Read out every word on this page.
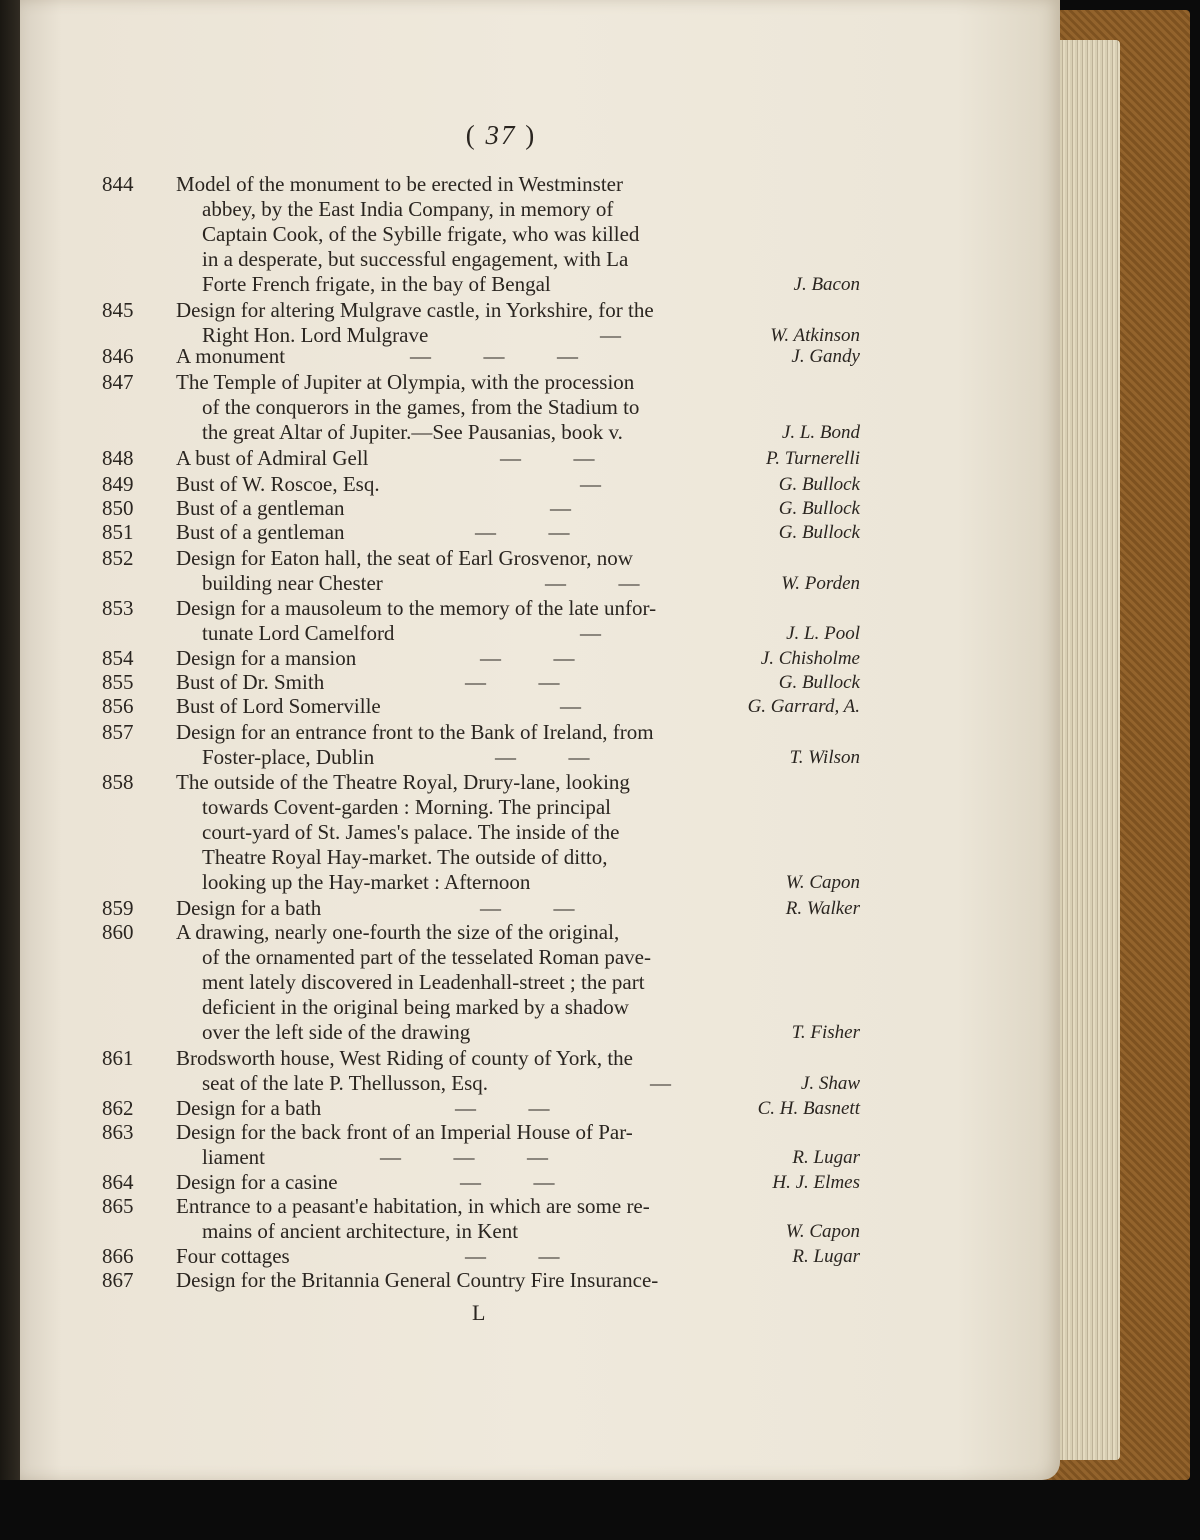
( 37 )
L
844	Model of the monument to be erected in Westminster
abbey, by the East India Company, in memory of
Captain Cook, of the Sybille frigate, who was killed
in a desperate, but successful engagement, with La
Forte French frigate, in the bay of Bengal	J. Bacon
845	Design for altering Mulgrave castle, in Yorkshire, for the
Right Hon. Lord Mulgrave	—	W. Atkinson
846	A monument	—          —          —	J. Gandy
847	The Temple of Jupiter at Olympia, with the procession
of the conquerors in the games, from the Stadium to
the great Altar of Jupiter.—See Pausanias, book v.	J. L. Bond
848	A bust of Admiral Gell	—          —	P. Turnerelli
849	Bust of W. Roscoe, Esq.	—	G. Bullock
850	Bust of a gentleman	—	G. Bullock
851	Bust of a gentleman	—          —	G. Bullock
852	Design for Eaton hall, the seat of Earl Grosvenor, now
building near Chester	—          —	W. Porden
853	Design for a mausoleum to the memory of the late unfor-
tunate Lord Camelford	—	J. L. Pool
854	Design for a mansion	—          —	J. Chisholme
855	Bust of Dr. Smith	—          —	G. Bullock
856	Bust of Lord Somerville	—	G. Garrard, A.
857	Design for an entrance front to the Bank of Ireland, from
Foster-place, Dublin	—          —	T. Wilson
858	The outside of the Theatre Royal, Drury-lane, looking
towards Covent-garden : Morning. The principal
court-yard of St. James's palace. The inside of the
Theatre Royal Hay-market. The outside of ditto,
looking up the Hay-market : Afternoon	W. Capon
859	Design for a bath	—          —	R. Walker
860	A drawing, nearly one-fourth the size of the original,
of the ornamented part of the tesselated Roman pave-
ment lately discovered in Leadenhall-street ; the part
deficient in the original being marked by a shadow
over the left side of the drawing	T. Fisher
861	Brodsworth house, West Riding of county of York, the
seat of the late P. Thellusson, Esq.	—	J. Shaw
862	Design for a bath	—          —	C. H. Basnett
863	Design for the back front of an Imperial House of Par-
liament	—          —          —	R. Lugar
864	Design for a casine	—          —	H. J. Elmes
865	Entrance to a peasant'e habitation, in which are some re-
mains of ancient architecture, in Kent	W. Capon
866	Four cottages	—          —	R. Lugar
867	Design for the Britannia General Country Fire Insurance-
